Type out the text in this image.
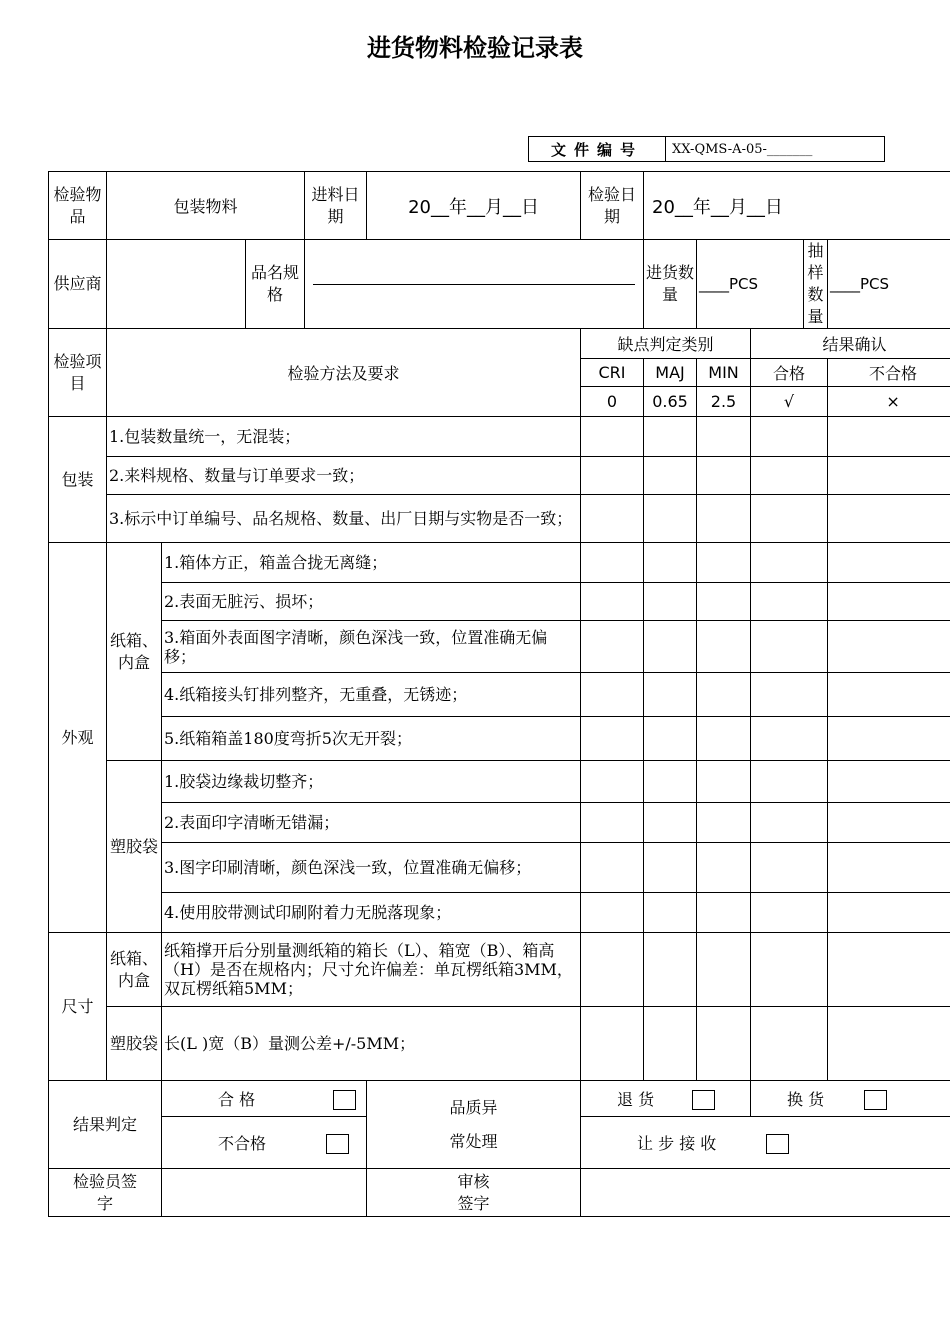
进货物料检验记录表
文件编号	XX-QMS-A-05-_______
检验物品	包装物料			进料日期	20__年__月__日	检验日期	20__年__月__日				
供应商			品名规格				进货数量	____PCS		抽样数量	____PCS
检验项目	检验方法及要求					缺点判定类别			结果确认		
						CRI	MAJ	MIN	合格		不合格
						0	0.65	2.5	√		×
包装	1.包装数量统一，无混装；										
	2.来料规格、数量与订单要求一致；										
	3.标示中订单编号、品名规格、数量、出厂日期与实物是否一致；										
外观	纸箱、内盒	1.箱体方正，箱盖合拢无离缝；									
		2.表面无脏污、损坏；									
		3.箱面外表面图字清晰，颜色深浅一致，位置准确无偏移；									
		4.纸箱接头钉排列整齐，无重叠，无锈迹；									
		5.纸箱箱盖180度弯折5次无开裂；									
	塑胶袋	1.胶袋边缘裁切整齐；									
		2.表面印字清晰无错漏；									
		3.图字印刷清晰，颜色深浅一致，位置准确无偏移；									
		4.使用胶带测试印刷附着力无脱落现象；									
尺寸	纸箱、内盒	纸箱撑开后分别量测纸箱的箱长（L）、箱宽（B）、箱高（H）是否在规格内；尺寸允许偏差：单瓦楞纸箱3MM，双瓦楞纸箱5MM；									
	塑胶袋	长(L )宽（B）量测公差+/-5MM；									
结果判定		合 格			品质异常处理	退 货			换 货		
		不合格				让 步 接 收					
检验员签字					审核签字						
